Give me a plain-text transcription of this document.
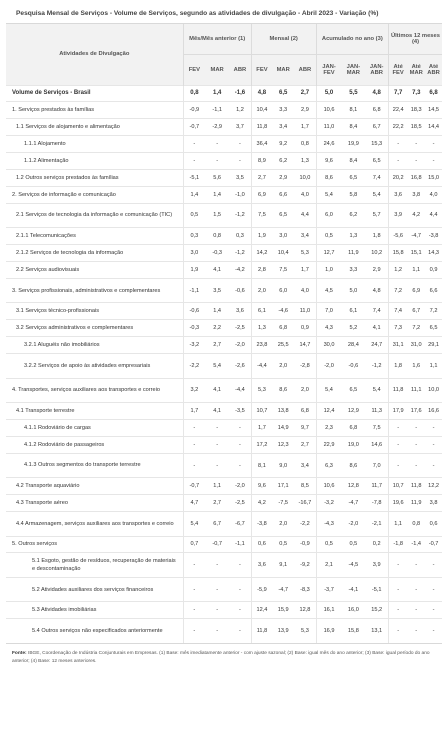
Pesquisa Mensal de Serviços - Volume de Serviços, segundo as atividades de divulgação - Abril 2023 - Variação (%)
Atividades de Divulgação	Mês/Mês anterior (1)			Mensal (2)			Acumulado no ano (3)			Últimos 12 meses (4)		
	FEV	MAR	ABR	FEV	MAR	ABR	JAN-FEV	JAN-MAR	JAN-ABR	Até FEV	Até MAR	Até ABR
Volume de Serviços - Brasil	0,8	1,4	-1,6	4,8	6,5	2,7	5,0	5,5	4,8	7,7	7,3	6,8
1. Serviços prestados às famílias	-0,9	-1,1	1,2	10,4	3,3	2,9	10,6	8,1	6,8	22,4	18,3	14,5
1.1 Serviços de alojamento e alimentação	-0,7	-2,9	3,7	11,8	3,4	1,7	11,0	8,4	6,7	22,2	18,5	14,4
1.1.1 Alojamento	-	-	-	36,4	9,2	0,8	24,6	19,9	15,3	-	-	-
1.1.2 Alimentação	-	-	-	8,9	6,2	1,3	9,6	8,4	6,5	-	-	-
1.2 Outros serviços prestados às famílias	-5,1	5,6	3,5	2,7	2,9	10,0	8,6	6,5	7,4	20,2	16,8	15,0
2. Serviços de informação e comunicação	1,4	1,4	-1,0	6,9	6,6	4,0	5,4	5,8	5,4	3,6	3,8	4,0
2.1 Serviços de tecnologia da informação e comunicação (TIC)	0,5	1,5	-1,2	7,5	6,5	4,4	6,0	6,2	5,7	3,9	4,2	4,4
2.1.1 Telecomunicações	0,3	0,8	0,3	1,9	3,0	3,4	0,5	1,3	1,8	-5,6	-4,7	-3,8
2.1.2 Serviços de tecnologia da informação	3,0	-0,3	-1,2	14,2	10,4	5,3	12,7	11,9	10,2	15,8	15,1	14,3
2.2 Serviços audiovisuais	1,9	4,1	-4,2	2,8	7,5	1,7	1,0	3,3	2,9	1,2	1,1	0,9
3. Serviços profissionais, administrativos e complementares	-1,1	3,5	-0,6	2,0	6,0	4,0	4,5	5,0	4,8	7,2	6,9	6,6
3.1 Serviços técnico-profissionais	-0,6	1,4	3,6	6,1	-4,6	11,0	7,0	6,1	7,4	7,4	6,7	7,2
3.2 Serviços administrativos e complementares	-0,3	2,2	-2,5	1,3	6,8	0,9	4,3	5,2	4,1	7,3	7,2	6,5
3.2.1 Aluguéis não imobiliários	-3,2	2,7	-2,0	23,8	25,5	14,7	30,0	28,4	24,7	31,1	31,0	29,1
3.2.2 Serviços de apoio às atividades empresariais	-2,2	5,4	-2,6	-4,4	2,0	-2,8	-2,0	-0,6	-1,2	1,8	1,6	1,1
4. Transportes, serviços auxiliares aos transportes e correio	3,2	4,1	-4,4	5,3	8,6	2,0	5,4	6,5	5,4	11,8	11,1	10,0
4.1 Transporte terrestre	1,7	4,1	-3,5	10,7	13,8	6,8	12,4	12,9	11,3	17,9	17,6	16,6
4.1.1 Rodoviário de cargas	-	-	-	1,7	14,9	9,7	2,3	6,8	7,5	-	-	-
4.1.2 Rodoviário de passageiros	-	-	-	17,2	12,3	2,7	22,9	19,0	14,6	-	-	-
4.1.3 Outros segmentos do transporte terrestre	-	-	-	8,1	9,0	3,4	6,3	8,6	7,0	-	-	-
4.2 Transporte aquaviário	-0,7	1,1	-2,0	9,6	17,1	8,5	10,6	12,8	11,7	10,7	11,8	12,2
4.3 Transporte aéreo	4,7	2,7	-2,5	4,2	-7,5	-16,7	-3,2	-4,7	-7,8	19,6	11,9	3,8
4.4 Armazenagem, serviços auxiliares aos transportes e correio	5,4	6,7	-6,7	-3,8	2,0	-2,2	-4,3	-2,0	-2,1	1,1	0,8	0,6
5. Outros serviços	0,7	-0,7	-1,1	0,6	0,5	-0,9	0,5	0,5	0,2	-1,8	-1,4	-0,7
5.1 Esgoto, gestão de resíduos, recuperação de materiais e descontaminação	-	-	-	3,6	9,1	-9,2	2,1	-4,5	3,9	-	-	-
5.2 Atividades auxiliares dos serviços financeiros	-	-	-	-5,9	-4,7	-8,3	-3,7	-4,1	-5,1	-	-	-
5.3 Atividades imobiliárias	-	-	-	12,4	15,9	12,8	16,1	16,0	15,2	-	-	-
5.4 Outros serviços não especificados anteriormente	-	-	-	11,8	13,9	5,3	16,9	15,8	13,1	-	-	-
Fonte: IBGE, Coordenação de Indústria Conjunturais em Empresas. (1) Base: mês imediatamente anterior - com ajuste sazonal; (2) Base: igual mês do ano anterior; (3) Base: igual período do ano anterior; (4) Base: 12 meses anteriores.
